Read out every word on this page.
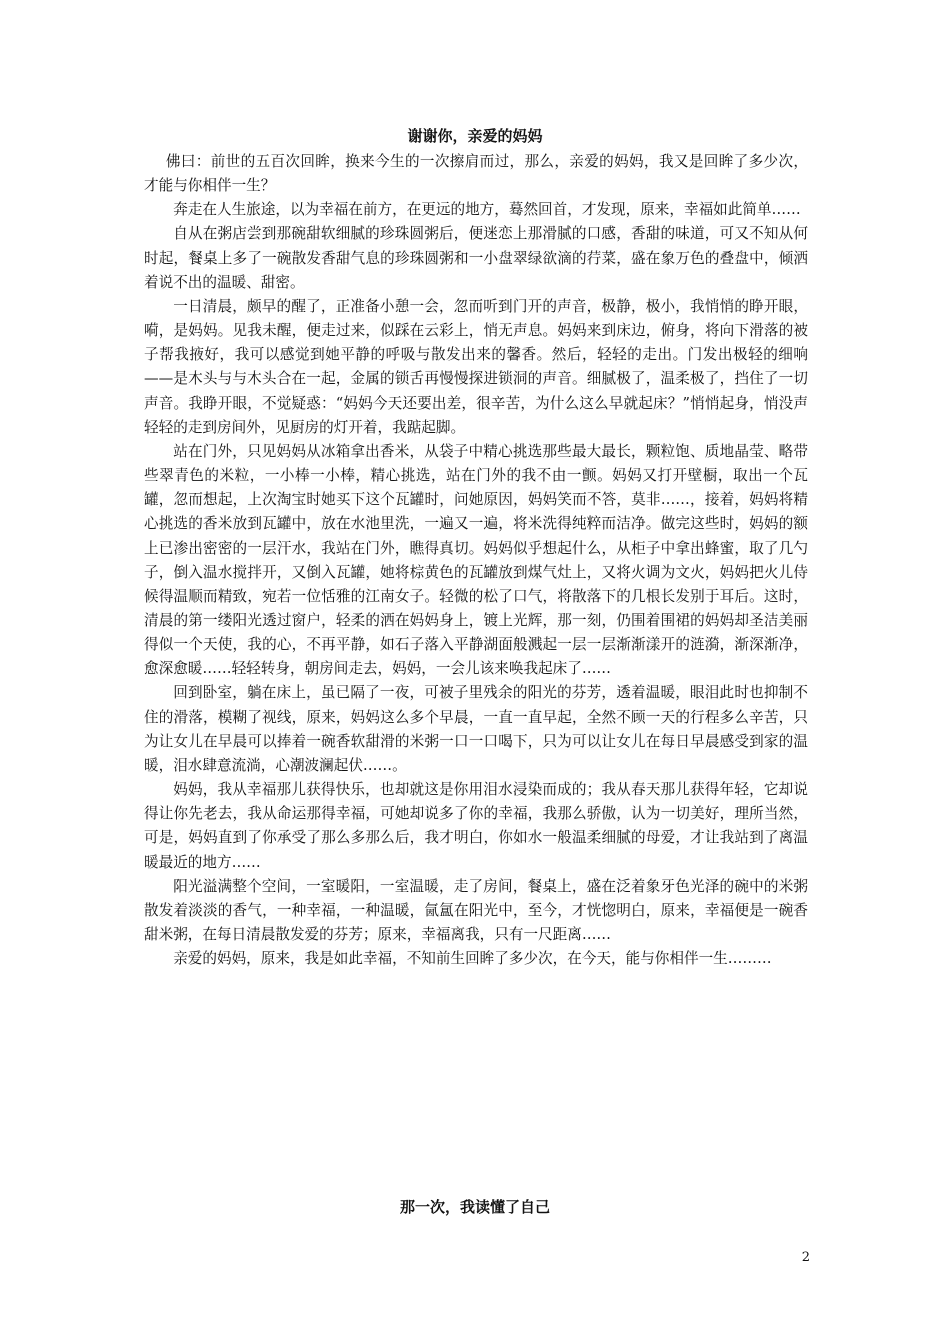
谢谢你，亲爱的妈妈

佛曰：前世的五百次回眸，换来今生的一次擦肩而过，那么，亲爱的妈妈，我又是回眸了多少次，才能与你相伴一生？

奔走在人生旅途，以为幸福在前方，在更远的地方，蓦然回首，才发现，原来，幸福如此简单……

自从在粥店尝到那碗甜软细腻的珍珠圆粥后，便迷恋上那滑腻的口感，香甜的味道，可又不知从何时起，餐桌上多了一碗散发香甜气息的珍珠圆粥和一小盘翠绿欲滴的荇菜，盛在象万色的叠盘中，倾洒着说不出的温暖、甜密。

一日清晨，颇早的醒了，正准备小憩一会，忽而听到门开的声音，极静，极小，我悄悄的睁开眼，嗬，是妈妈。见我未醒，便走过来，似踩在云彩上，悄无声息。妈妈来到床边，俯身，将向下滑落的被子帮我掖好，我可以感觉到她平静的呼吸与散发出来的馨香。然后，轻轻的走出。门发出极轻的细响——是木头与与木头合在一起，金属的锁舌再慢慢探进锁洞的声音。细腻极了，温柔极了，挡住了一切声音。我睁开眼，不觉疑惑：“妈妈今天还要出差，很辛苦，为什么这么早就起床？”悄悄起身，悄没声轻轻的走到房间外，见厨房的灯开着，我踮起脚。

站在门外，只见妈妈从冰箱拿出香米，从袋子中精心挑选那些最大最长，颗粒饱、质地晶莹、略带些翠青色的米粒，一小棒一小棒，精心挑选，站在门外的我不由一颤。妈妈又打开壁橱，取出一个瓦罐，忽而想起，上次淘宝时她买下这个瓦罐时，问她原因，妈妈笑而不答，莫非……，接着，妈妈将精心挑选的香米放到瓦罐中，放在水池里洗，一遍又一遍，将米洗得纯粹而洁净。做完这些时，妈妈的额上已渗出密密的一层汗水，我站在门外，瞧得真切。妈妈似乎想起什么，从柜子中拿出蜂蜜，取了几勺子，倒入温水搅拌开，又倒入瓦罐，她将棕黄色的瓦罐放到煤气灶上，又将火调为文火，妈妈把火儿侍候得温顺而精致，宛若一位恬雅的江南女子。轻微的松了口气，将散落下的几根长发别于耳后。这时，清晨的第一缕阳光透过窗户，轻柔的洒在妈妈身上，镀上光辉，那一刻，仍围着围裙的妈妈却圣洁美丽得似一个天使，我的心，不再平静，如石子落入平静湖面般溅起一层一层渐渐漾开的涟漪，渐深渐净，愈深愈暖……轻轻转身，朝房间走去，妈妈，一会儿该来唤我起床了……

回到卧室，躺在床上，虽已隔了一夜，可被子里残余的阳光的芬芳，透着温暖，眼泪此时也抑制不住的滑落，模糊了视线，原来，妈妈这么多个早晨，一直一直早起，全然不顾一天的行程多么辛苦，只为让女儿在早晨可以捧着一碗香软甜滑的米粥一口一口喝下，只为可以让女儿在每日早晨感受到家的温暖，泪水肆意流淌，心潮波澜起伏……。

妈妈，我从幸福那儿获得快乐，也却就这是你用泪水浸染而成的；我从春天那儿获得年轻，它却说得让你先老去，我从命运那得幸福，可她却说多了你的幸福，我那么骄傲，认为一切美好，理所当然，可是，妈妈直到了你承受了那么多那么后，我才明白，你如水一般温柔细腻的母爱，才让我站到了离温暖最近的地方……

阳光溢满整个空间，一室暖阳，一室温暖，走了房间，餐桌上，盛在泛着象牙色光泽的碗中的米粥散发着淡淡的香气，一种幸福，一种温暖，氤氲在阳光中，至今，才恍惚明白，原来，幸福便是一碗香甜米粥，在每日清晨散发爱的芬芳；原来，幸福离我，只有一尺距离……

亲爱的妈妈，原来，我是如此幸福，不知前生回眸了多少次，在今天，能与你相伴一生………

那一次，我读懂了自己
2
